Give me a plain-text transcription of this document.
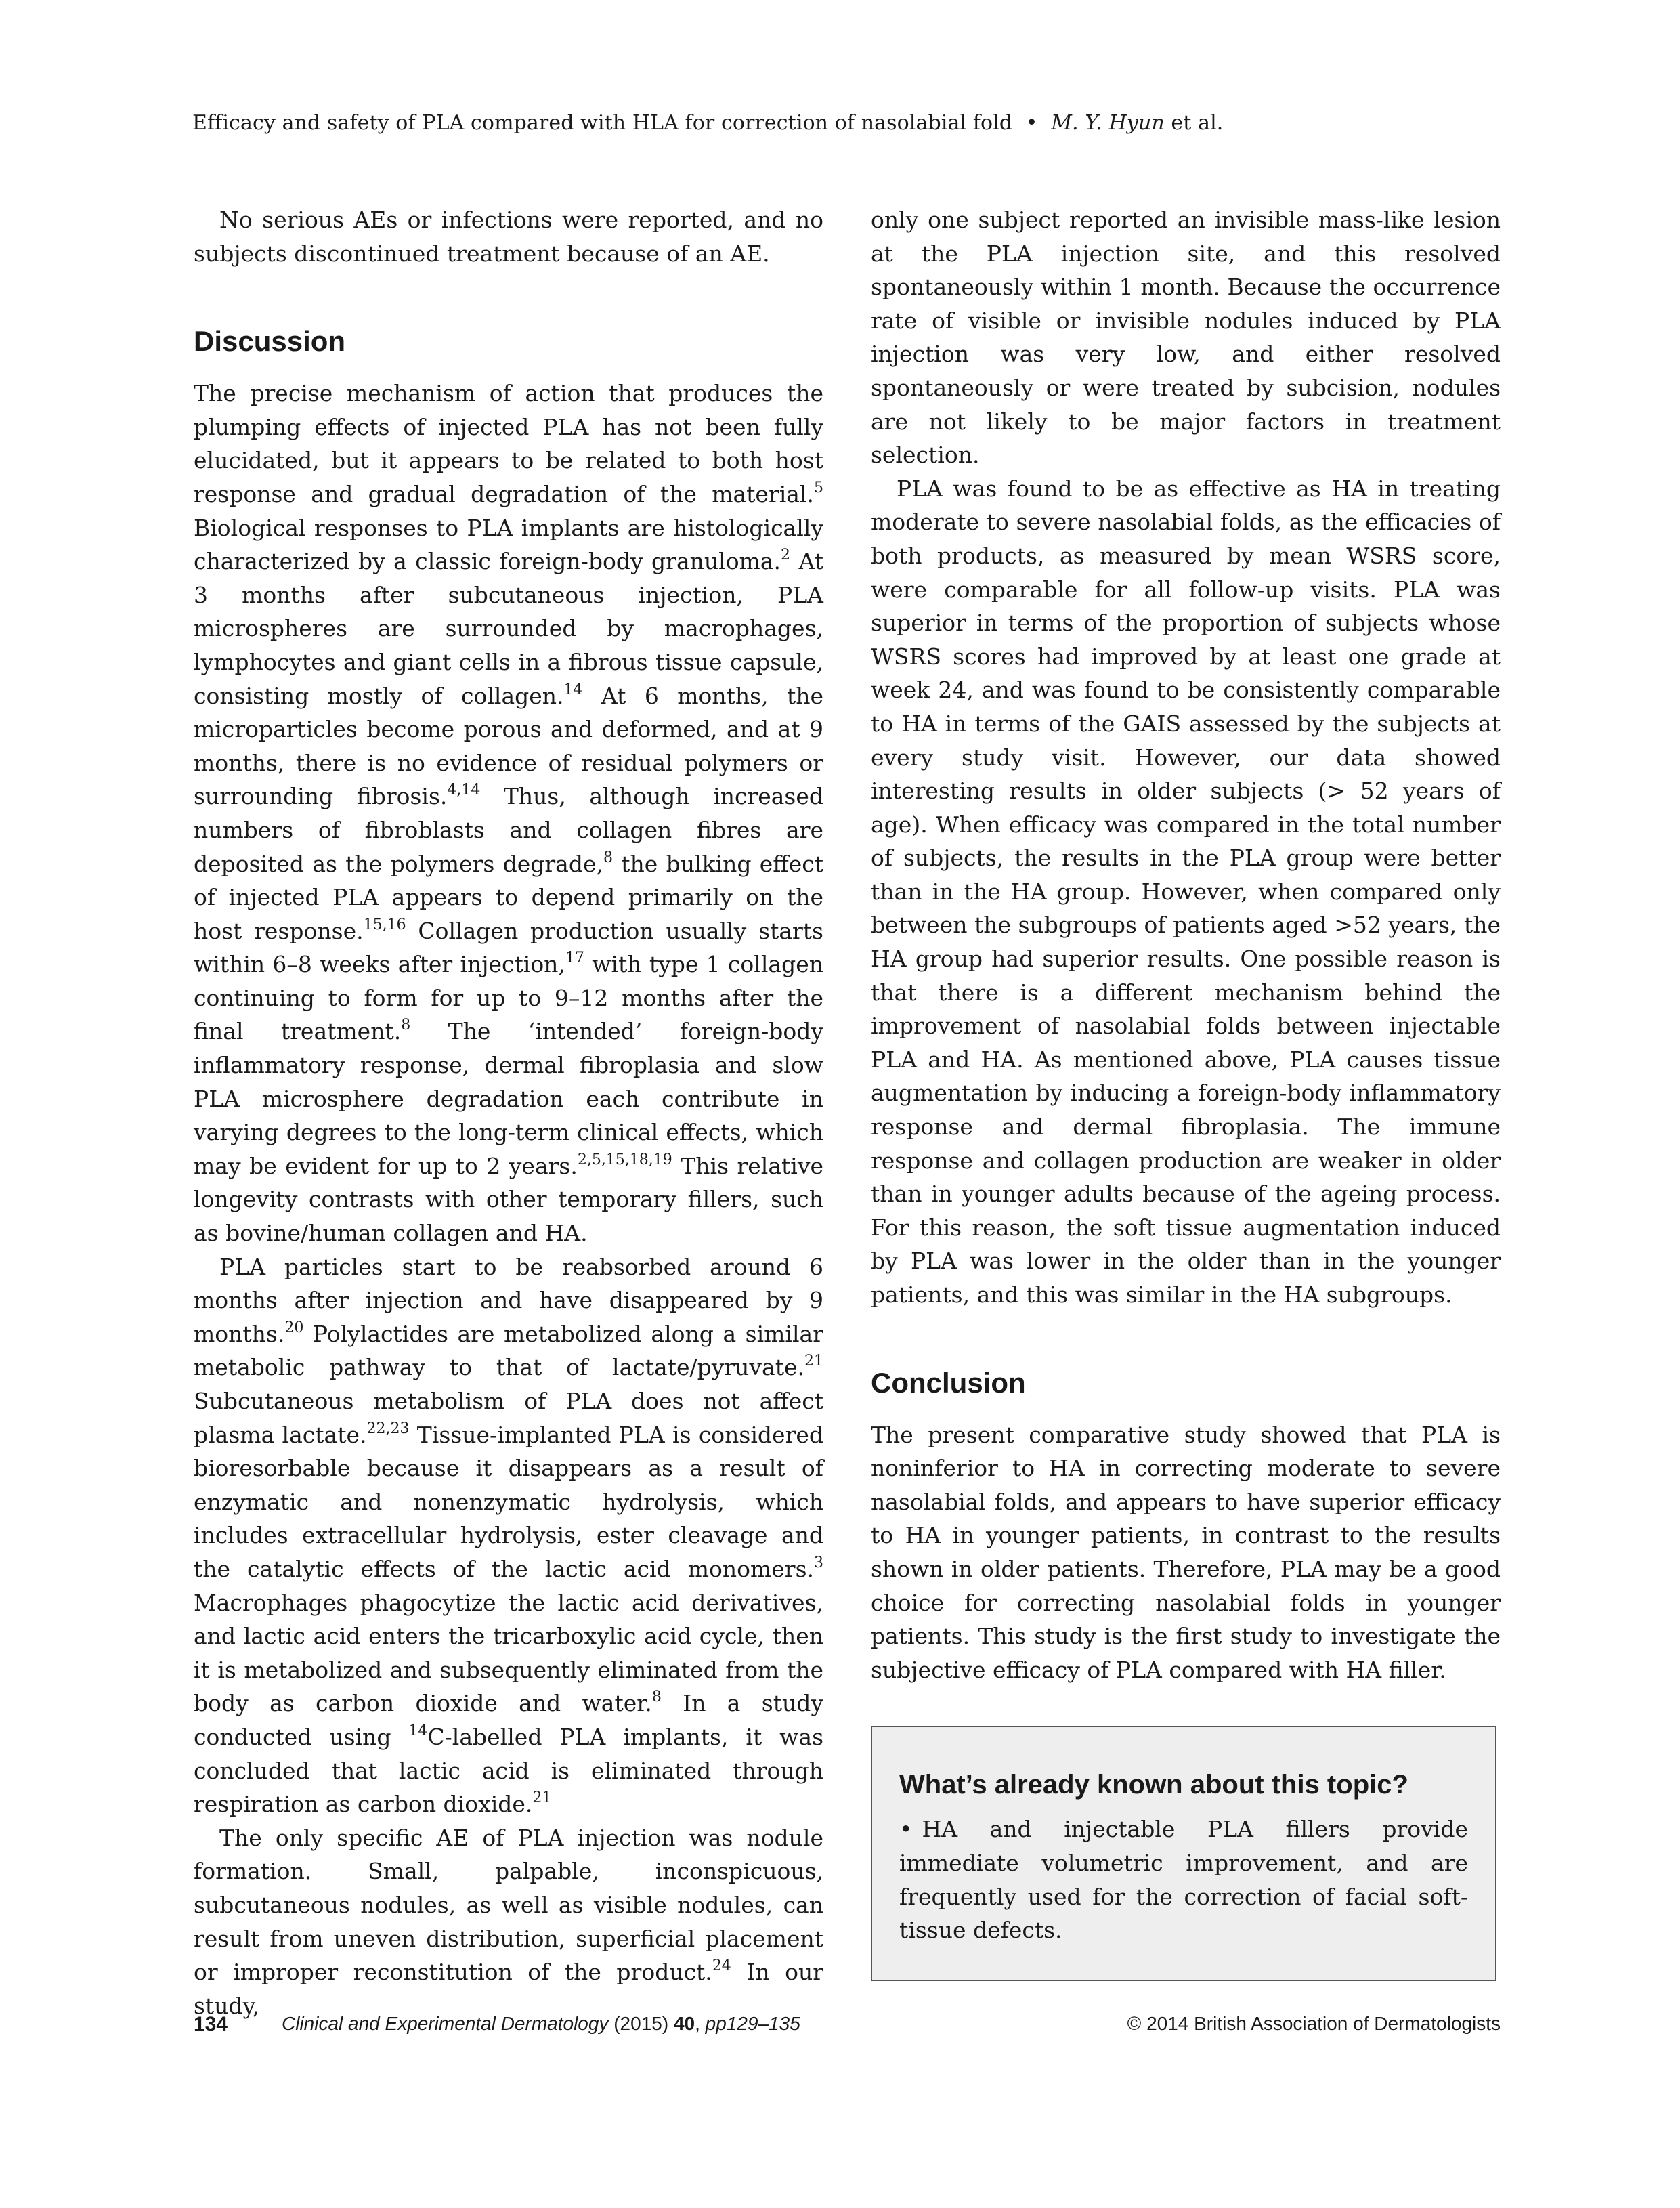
Efficacy and safety of PLA compared with HLA for correction of nasolabial fold • M. Y. Hyun et al.

No serious AEs or infections were reported, and no subjects discontinued treatment because of an AE.

Discussion

The precise mechanism of action that produces the plumping effects of injected PLA has not been fully elucidated, but it appears to be related to both host response and gradual degradation of the material.$^5$ Biological responses to PLA implants are histologically characterized by a classic foreign-body granuloma.$^2$ At 3 months after subcutaneous injection, PLA microspheres are surrounded by macrophages, lymphocytes and giant cells in a fibrous tissue capsule, consisting mostly of collagen.$^{14}$ At 6 months, the microparticles become porous and deformed, and at 9 months, there is no evidence of residual polymers or surrounding fibrosis.$^{4,14}$ Thus, although increased numbers of fibroblasts and collagen fibres are deposited as the polymers degrade,$^8$ the bulking effect of injected PLA appears to depend primarily on the host response.$^{15,16}$ Collagen production usually starts within 6–8 weeks after injection,$^{17}$ with type 1 collagen continuing to form for up to 9–12 months after the final treatment.$^8$ The ‘intended’ foreign-body inflammatory response, dermal fibroplasia and slow PLA microsphere degradation each contribute in varying degrees to the long-term clinical effects, which may be evident for up to 2 years.$^{2,5,15,18,19}$ This relative longevity contrasts with other temporary fillers, such as bovine/human collagen and HA.

PLA particles start to be reabsorbed around 6 months after injection and have disappeared by 9 months.$^{20}$ Polylactides are metabolized along a similar metabolic pathway to that of lactate/pyruvate.$^{21}$ Subcutaneous metabolism of PLA does not affect plasma lactate.$^{22,23}$ Tissue-implanted PLA is considered bioresorbable because it disappears as a result of enzymatic and nonenzymatic hydrolysis, which includes extracellular hydrolysis, ester cleavage and the catalytic effects of the lactic acid monomers.$^3$ Macrophages phagocytize the lactic acid derivatives, and lactic acid enters the tricarboxylic acid cycle, then it is metabolized and subsequently eliminated from the body as carbon dioxide and water.$^8$ In a study conducted using $^{14}$C-labelled PLA implants, it was concluded that lactic acid is eliminated through respiration as carbon dioxide.$^{21}$

The only specific AE of PLA injection was nodule formation. Small, palpable, inconspicuous, subcutaneous nodules, as well as visible nodules, can result from uneven distribution, superficial placement or improper reconstitution of the product.$^{24}$ In our study,

only one subject reported an invisible mass-like lesion at the PLA injection site, and this resolved spontaneously within 1 month. Because the occurrence rate of visible or invisible nodules induced by PLA injection was very low, and either resolved spontaneously or were treated by subcision, nodules are not likely to be major factors in treatment selection.

PLA was found to be as effective as HA in treating moderate to severe nasolabial folds, as the efficacies of both products, as measured by mean WSRS score, were comparable for all follow-up visits. PLA was superior in terms of the proportion of subjects whose WSRS scores had improved by at least one grade at week 24, and was found to be consistently comparable to HA in terms of the GAIS assessed by the subjects at every study visit. However, our data showed interesting results in older subjects (> 52 years of age). When efficacy was compared in the total number of subjects, the results in the PLA group were better than in the HA group. However, when compared only between the subgroups of patients aged >52 years, the HA group had superior results. One possible reason is that there is a different mechanism behind the improvement of nasolabial folds between injectable PLA and HA. As mentioned above, PLA causes tissue augmentation by inducing a foreign-body inflammatory response and dermal fibroplasia. The immune response and collagen production are weaker in older than in younger adults because of the ageing process. For this reason, the soft tissue augmentation induced by PLA was lower in the older than in the younger patients, and this was similar in the HA subgroups.

Conclusion

The present comparative study showed that PLA is noninferior to HA in correcting moderate to severe nasolabial folds, and appears to have superior efficacy to HA in younger patients, in contrast to the results shown in older patients. Therefore, PLA may be a good choice for correcting nasolabial folds in younger patients. This study is the first study to investigate the subjective efficacy of PLA compared with HA filler.

What’s already known about this topic?
• HA and injectable PLA fillers provide immediate volumetric improvement, and are frequently used for the correction of facial soft-tissue defects.
134	Clinical and Experimental Dermatology (2015) 40, pp129–135	© 2014 British Association of Dermatologists
